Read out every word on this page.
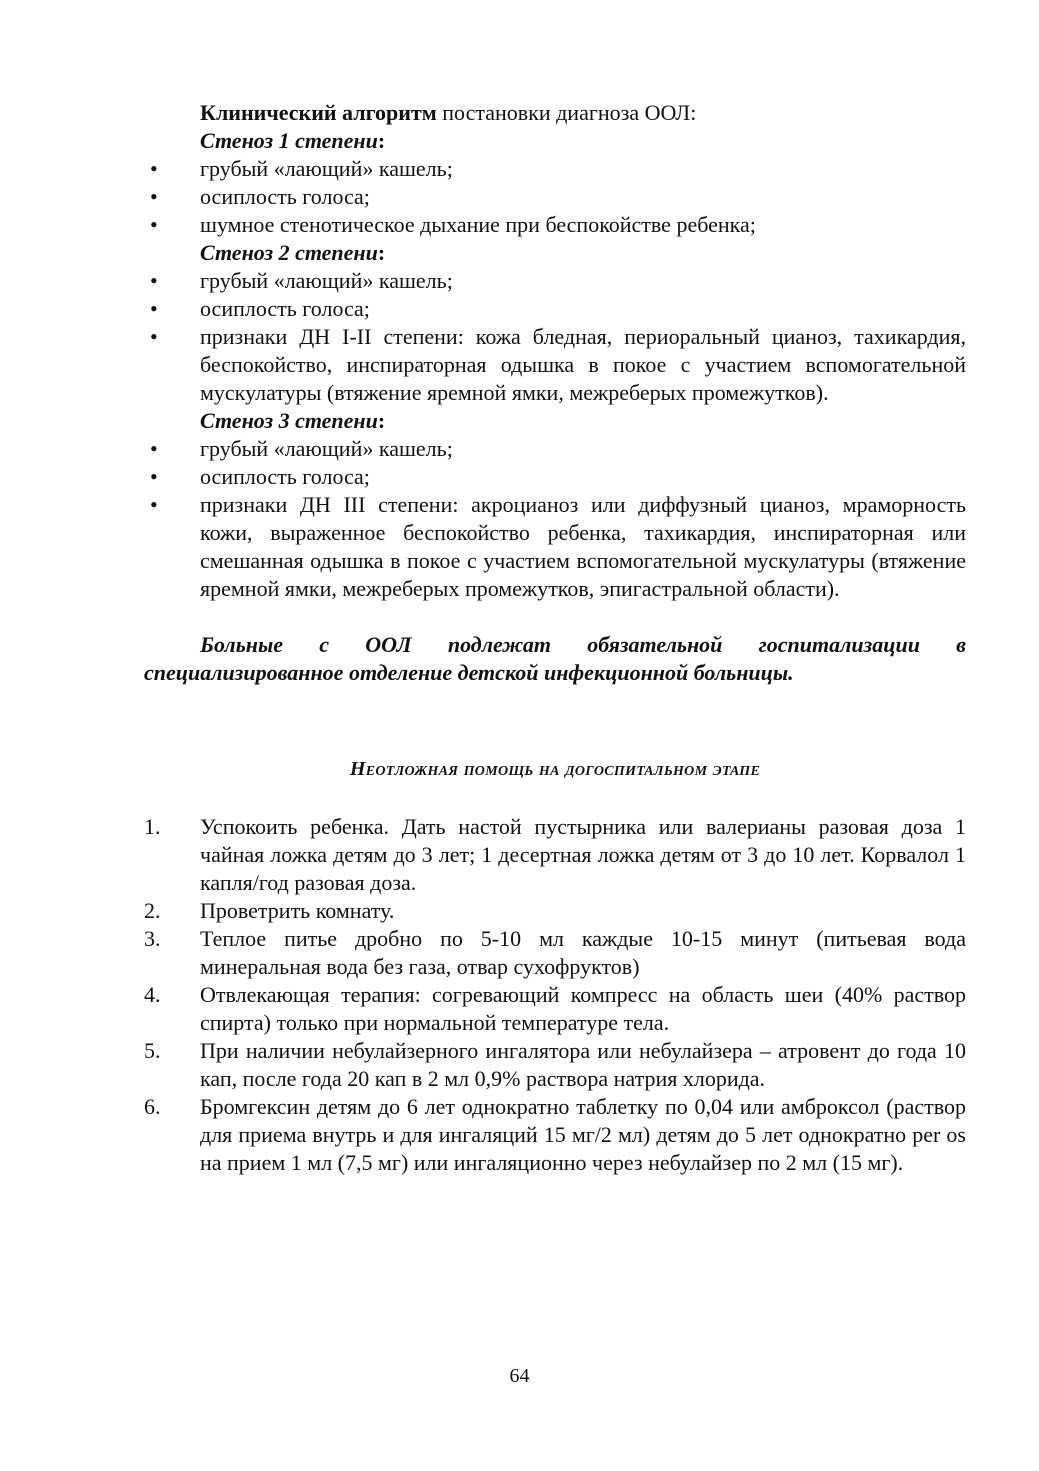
Клинический алгоритм постановки диагноза ООЛ:

Стеноз 1 степени:

•	грубый «лающий» кашель;
•	осиплость голоса;
•	шумное стенотическое дыхание при беспокойстве ребенка;

Стеноз 2 степени:

•	грубый «лающий» кашель;
•	осиплость голоса;
•	признаки ДН I-II степени: кожа бледная, периоральный цианоз, тахикардия, беспокойство, инспираторная одышка в покое с участием вспомогательной мускулатуры (втяжение яремной ямки, межреберых промежутков).

Стеноз 3 степени:

•	грубый «лающий» кашель;
•	осиплость голоса;
•	признаки ДН III степени: акроцианоз или диффузный цианоз, мраморность кожи, выраженное беспокойство ребенка, тахикардия, инспираторная или смешанная одышка в покое с участием вспомогательной мускулатуры (втяжение яремной ямки, межреберых промежутков, эпигастральной области).

Больные с ООЛ подлежат обязательной госпитализации в специализированное отделение детской инфекционной больницы.

Неотложная помощь на догоспитальном этапе

1.	Успокоить ребенка. Дать настой пустырника или валерианы разовая доза 1 чайная ложка детям до 3 лет; 1 десертная ложка детям от 3 до 10 лет. Корвалол 1 капля/год разовая доза.
2.	Проветрить комнату.
3.	Теплое питье дробно по 5-10 мл каждые 10-15 минут (питьевая вода минеральная вода без газа, отвар сухофруктов)
4.	Отвлекающая терапия: согревающий компресс на область шеи (40% раствор спирта) только при нормальной температуре тела.
5.	При наличии небулайзерного ингалятора или небулайзера – атровент до года 10 кап, после года 20 кап в 2 мл 0,9% раствора натрия хлорида.
6.	Бромгексин детям до 6 лет однократно таблетку по 0,04 или амброксол (раствор для приема внутрь и для ингаляций 15 мг/2 мл) детям до 5 лет однократно per os на прием 1 мл (7,5 мг) или ингаляционно через небулайзер по 2 мл (15 мг).
64
